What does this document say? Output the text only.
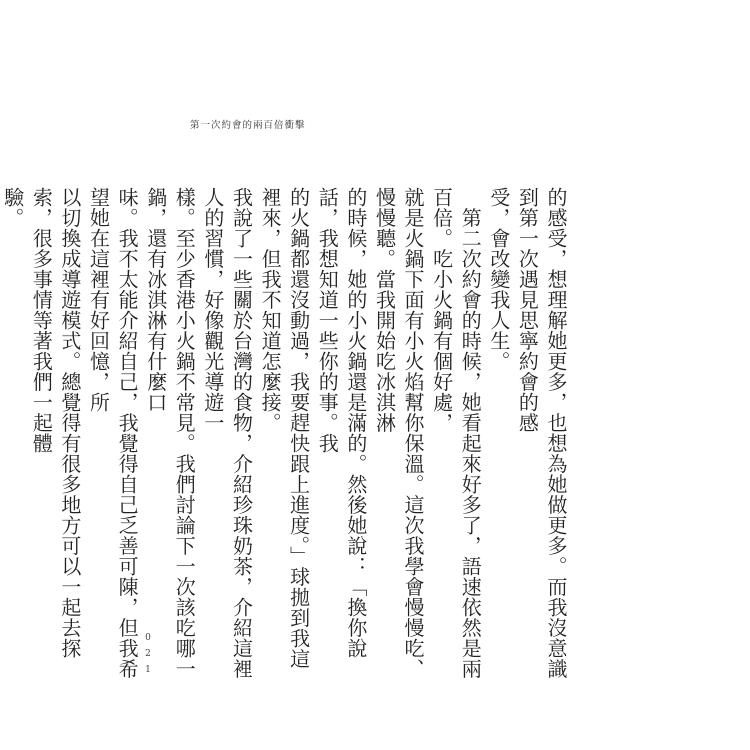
第一次約會的兩百倍衝擊
的感受，想理解她更多，也想為她做更多。而我沒意識到第一次遇見思寧約會的感
受，會改變我人生。
　第二次約會的時候，她看起來好多了，語速依然是兩百倍。吃小火鍋有個好處，
就是火鍋下面有小火焰幫你保溫。這次我學會慢慢吃、慢慢聽。當我開始吃冰淇淋
的時候，她的小火鍋還是滿的。然後她說：「換你說話，我想知道一些你的事。我
的火鍋都還沒動過，我要趕快跟上進度。」球拋到我這裡來，但我不知道怎麼接。
我說了一些關於台灣的食物，介紹珍珠奶茶，介紹這裡人的習慣，好像觀光導遊一
樣。至少香港小火鍋不常見。我們討論下一次該吃哪一鍋，還有冰淇淋有什麼口
味。我不太能介紹自己，我覺得自己乏善可陳，但我希望她在這裡有好回憶，所
以切換成導遊模式。總覺得有很多地方可以一起去探索，很多事情等著我們一起體
驗。
021
